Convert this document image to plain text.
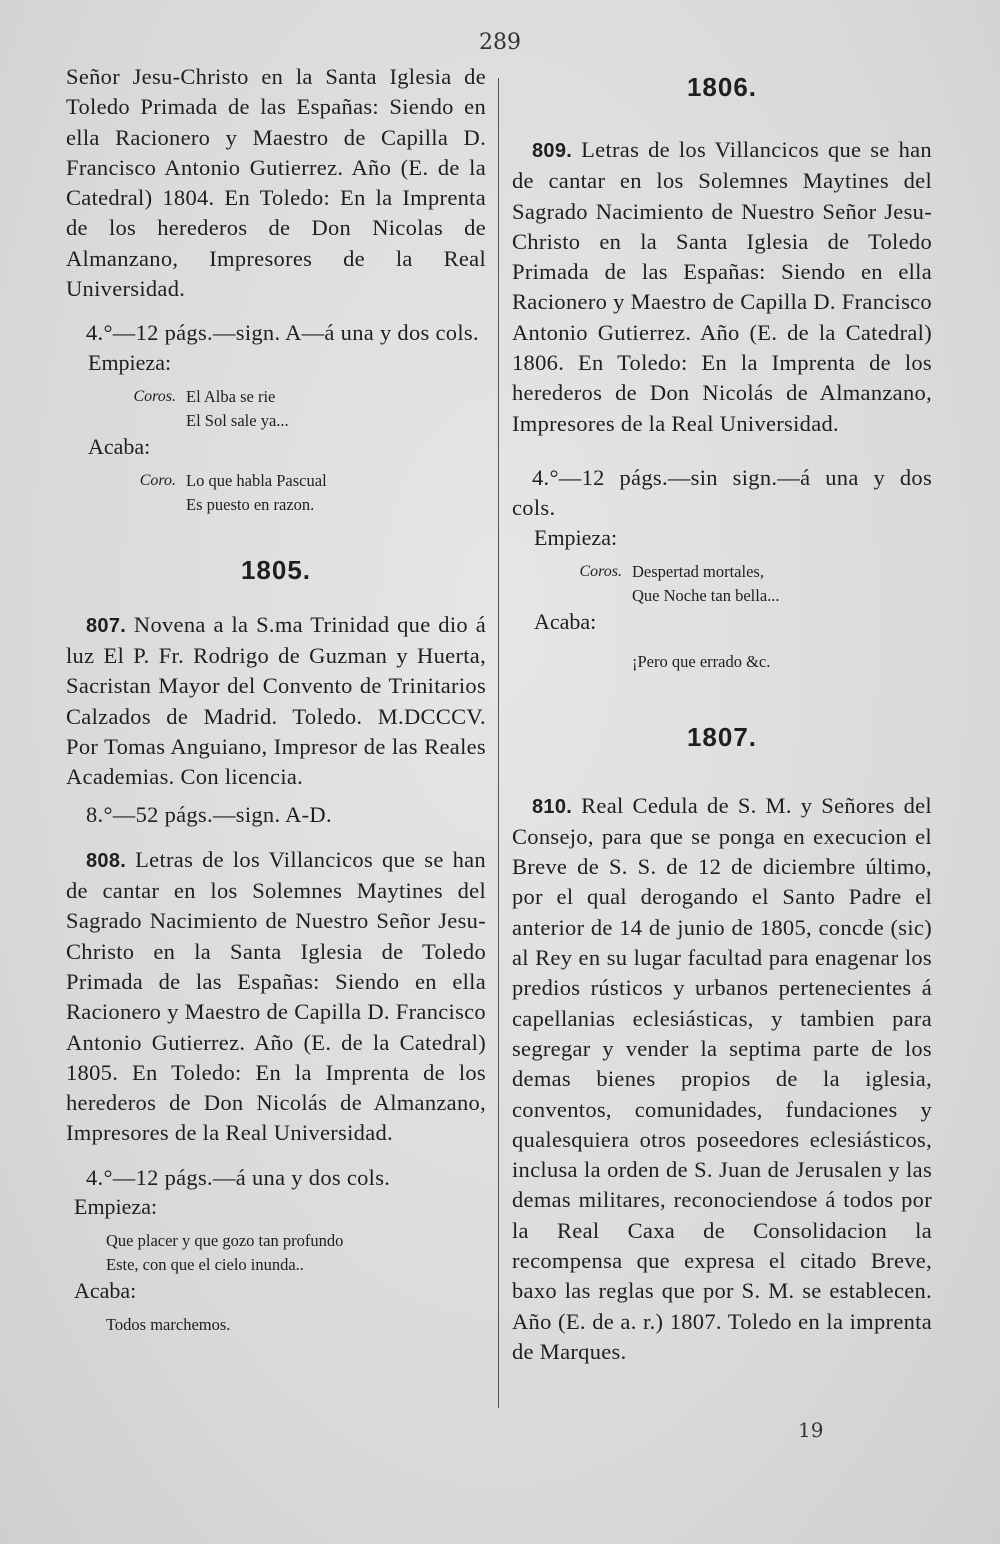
289

Señor Jesu-Christo en la Santa Iglesia de Toledo Primada de las Españas: Siendo en ella Racionero y Maestro de Capilla D. Francisco Antonio Gutierrez. Año (E. de la Catedral) 1804. En Toledo: En la Imprenta de los herederos de Don Nicolas de Almanzano, Impresores de la Real Universidad.

4.°—12 págs.—sign. A—á una y dos cols.

Empieza:

Coros. El Alba se rie

El Sol sale ya...

Acaba:

Coro. Lo que habla Pascual

Es puesto en razon.

1805.

807. Novena a la S.ma Trinidad que dio á luz El P. Fr. Rodrigo de Guzman y Huerta, Sacristan Mayor del Convento de Trinitarios Calzados de Madrid. Toledo. M.DCCCV. Por Tomas Anguiano, Impresor de las Reales Academias. Con licencia.

8.°—52 págs.—sign. A-D.

808. Letras de los Villancicos que se han de cantar en los Solemnes Maytines del Sagrado Nacimiento de Nuestro Señor Jesu-Christo en la Santa Iglesia de Toledo Primada de las Españas: Siendo en ella Racionero y Maestro de Capilla D. Francisco Antonio Gutierrez. Año (E. de la Catedral) 1805. En Toledo: En la Imprenta de los herederos de Don Nicolás de Almanzano, Impresores de la Real Universidad.

4.°—12 págs.—á una y dos cols.

Empieza:

Que placer y que gozo tan profundo

Este, con que el cielo inunda..

Acaba:

Todos marchemos.

1806.

809. Letras de los Villancicos que se han de cantar en los Solemnes Maytines del Sagrado Nacimiento de Nuestro Señor Jesu-Christo en la Santa Iglesia de Toledo Primada de las Españas: Siendo en ella Racionero y Maestro de Capilla D. Francisco Antonio Gutierrez. Año (E. de la Catedral) 1806. En Toledo: En la Imprenta de los herederos de Don Nicolás de Almanzano, Impresores de la Real Universidad.

4.°—12 págs.—sin sign.—á una y dos cols.

Empieza:

Coros. Despertad mortales,

Que Noche tan bella...

Acaba:

¡Pero que errado &c.

1807.

810. Real Cedula de S. M. y Señores del Consejo, para que se ponga en execucion el Breve de S. S. de 12 de diciembre último, por el qual derogando el Santo Padre el anterior de 14 de junio de 1805, concde (sic) al Rey en su lugar facultad para enagenar los predios rústicos y urbanos pertenecientes á capellanias eclesiásticas, y tambien para segregar y vender la septima parte de los demas bienes propios de la iglesia, conventos, comunidades, fundaciones y qualesquiera otros poseedores eclesiásticos, inclusa la orden de S. Juan de Jerusalen y las demas militares, reconociendose á todos por la Real Caxa de Consolidacion la recompensa que expresa el citado Breve, baxo las reglas que por S. M. se establecen. Año (E. de a. r.) 1807. Toledo en la imprenta de Marques.

19
